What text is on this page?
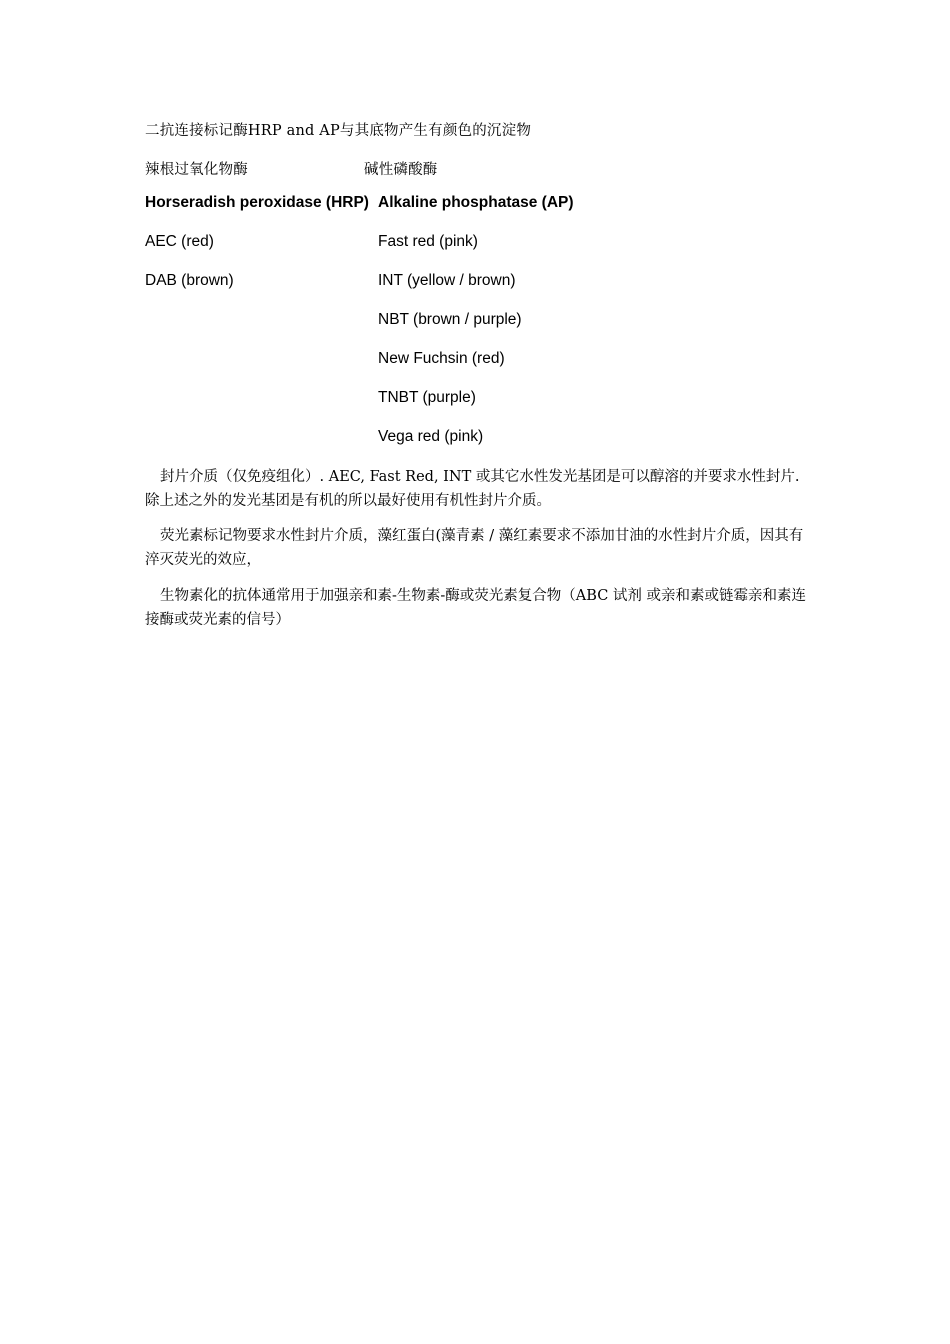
二抗连接标记酶HRP and AP与其底物产生有颜色的沉淀物
辣根过氧化物酶	碱性磷酸酶
Horseradish peroxidase (HRP) Alkaline phosphatase (AP)
AEC (red)
DAB (brown)
Fast red (pink)
INT (yellow / brown)
NBT (brown / purple)
New Fuchsin (red)
TNBT (purple)
Vega red (pink)
封片介质（仅免疫组化）. AEC, Fast Red, INT 或其它水性发光基团是可以醇溶的并要求水性封片. 除上述之外的发光基团是有机的所以最好使用有机性封片介质。
荧光素标记物要求水性封片介质，藻红蛋白(藻青素 / 藻红素要求不添加甘油的水性封片介质，因其有淬灭荧光的效应，
生物素化的抗体通常用于加强亲和素-生物素-酶或荧光素复合物（ABC 试剂 或亲和素或链霉亲和素连接酶或荧光素的信号）
